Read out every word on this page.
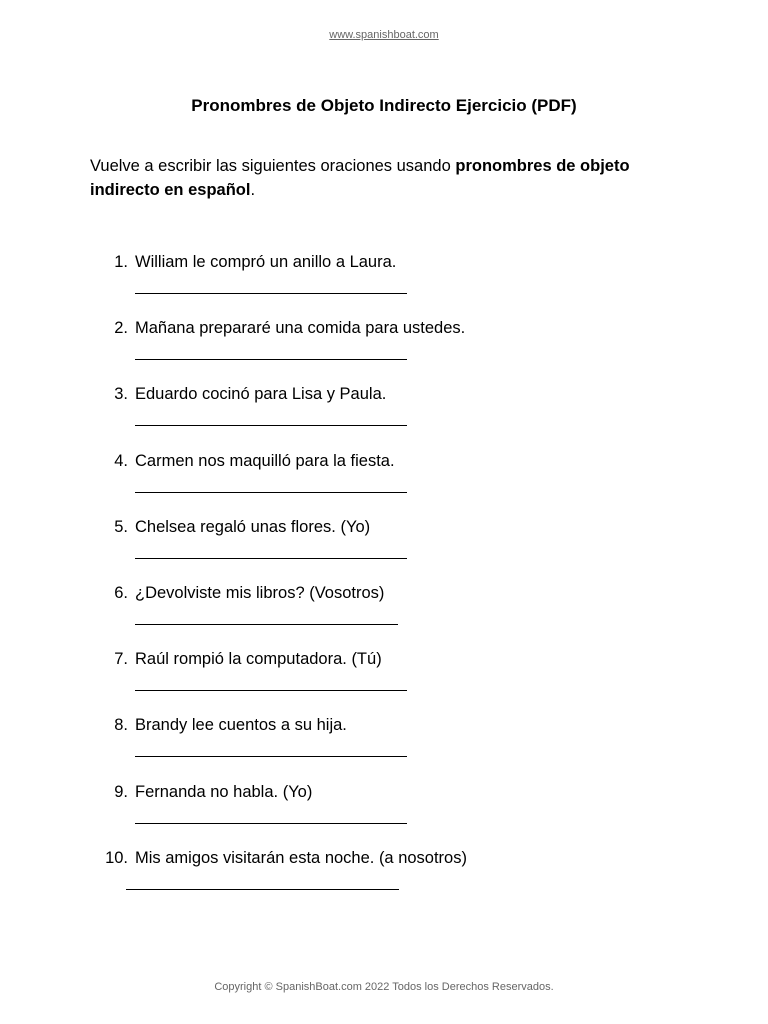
www.spanishboat.com
Pronombres de Objeto Indirecto Ejercicio (PDF)

Vuelve a escribir las siguientes oraciones usando pronombres de objeto indirecto en español.

1. William le compró un anillo a Laura.
2. Mañana prepararé una comida para ustedes.
3. Eduardo cocinó para Lisa y Paula.
4. Carmen nos maquilló para la fiesta.
5. Chelsea regaló unas flores. (Yo)
6. ¿Devolviste mis libros? (Vosotros)
7. Raúl rompió la computadora. (Tú)
8. Brandy lee cuentos a su hija.
9. Fernanda no habla. (Yo)
10. Mis amigos visitarán esta noche. (a nosotros)
Copyright © SpanishBoat.com 2022 Todos los Derechos Reservados.
